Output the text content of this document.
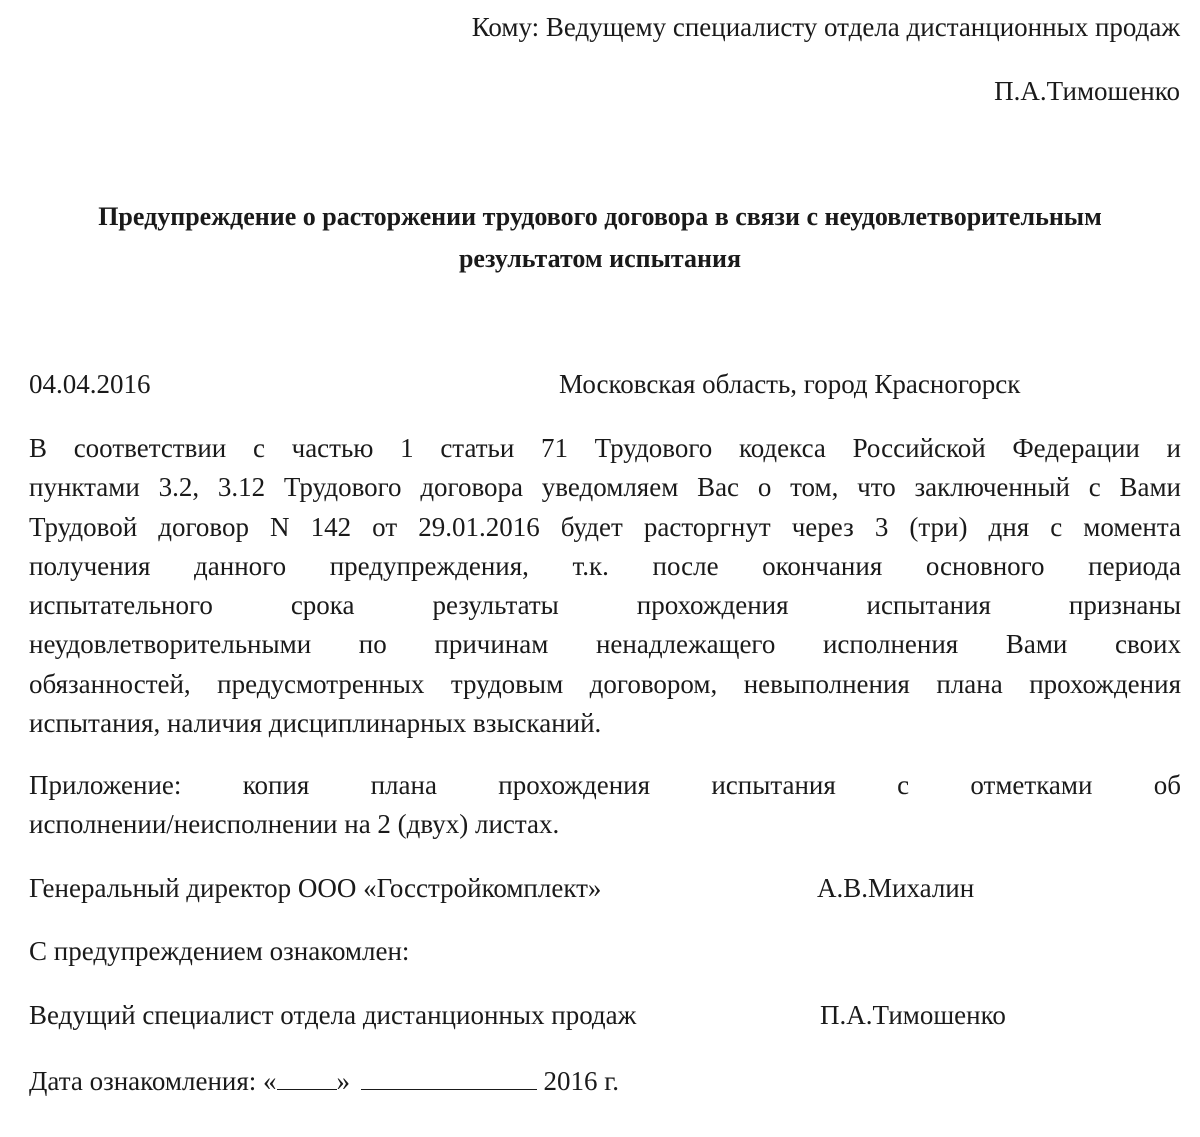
Кому: Ведущему специалисту отдела дистанционных продаж
П.А.Тимошенко
Предупреждение о расторжении трудового договора в связи с неудовлетворительным
результатом испытания
04.04.2016	Московская область, город Красногорск
В соответствии с частью 1 статьи 71 Трудового кодекса Российской Федерации и
пунктами 3.2, 3.12 Трудового договора уведомляем Вас о том, что заключенный с Вами
Трудовой договор N 142 от 29.01.2016 будет расторгнут через 3 (три) дня с момента
получения данного предупреждения, т.к. после окончания основного периода
испытательного срока результаты прохождения испытания признаны
неудовлетворительными по причинам ненадлежащего исполнения Вами своих
обязанностей, предусмотренных трудовым договором, невыполнения плана прохождения
испытания, наличия дисциплинарных взысканий.
Приложение: копия плана прохождения испытания с отметками об
исполнении/неисполнении на 2 (двух) листах.
Генеральный директор ООО «Госстройкомплект»	А.В.Михалин
С предупреждением ознакомлен:
Ведущий специалист отдела дистанционных продаж	П.А.Тимошенко
Дата ознакомления: « »	2016 г.
